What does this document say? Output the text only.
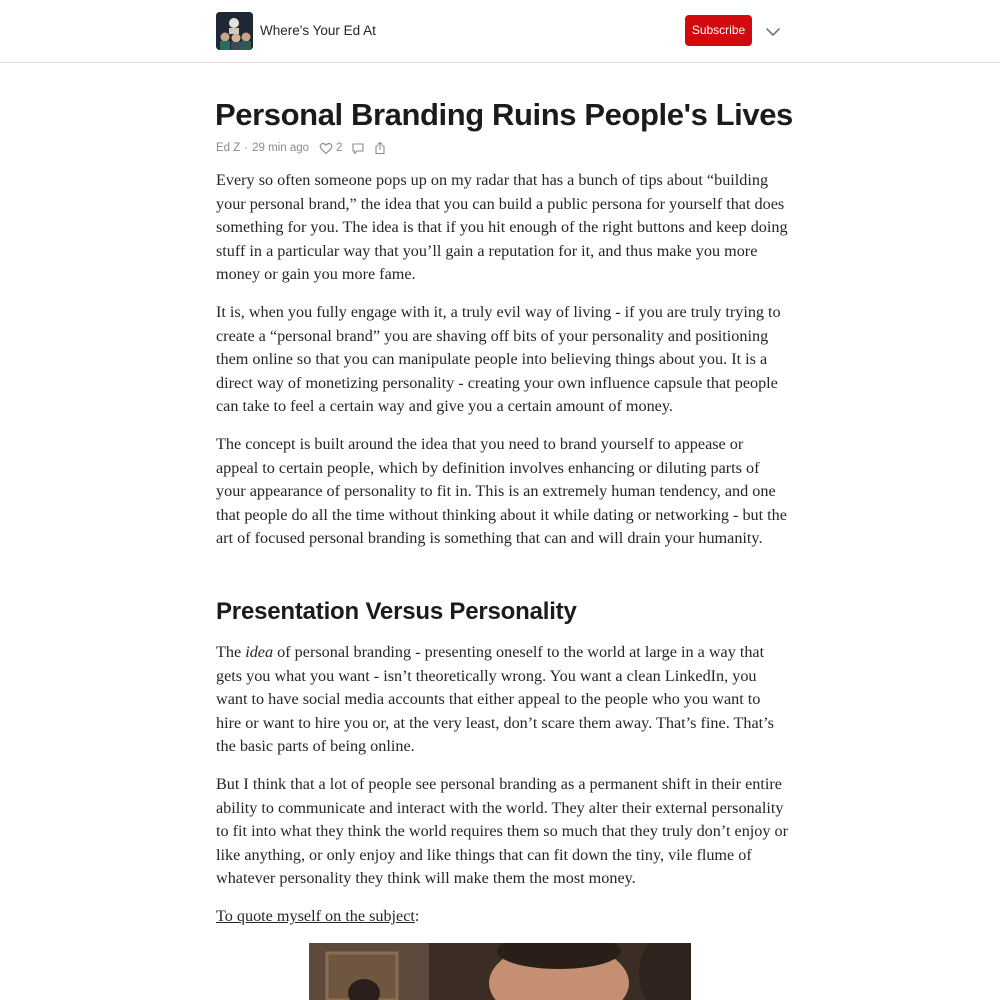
Where's Your Ed At	Subscribe
Personal Branding Ruins People's Lives
Ed Z · 29 min ago 2

Every so often someone pops up on my radar that has a bunch of tips about “building your personal brand,” the idea that you can build a public persona for yourself that does something for you. The idea is that if you hit enough of the right buttons and keep doing stuff in a particular way that you’ll gain a reputation for it, and thus make you more money or gain you more fame.

It is, when you fully engage with it, a truly evil way of living - if you are truly trying to create a “personal brand” you are shaving off bits of your personality and positioning them online so that you can manipulate people into believing things about you. It is a direct way of monetizing personality - creating your own influence capsule that people can take to feel a certain way and give you a certain amount of money.

The concept is built around the idea that you need to brand yourself to appease or appeal to certain people, which by definition involves enhancing or diluting parts of your appearance of personality to fit in. This is an extremely human tendency, and one that people do all the time without thinking about it while dating or networking - but the art of focused personal branding is something that can and will drain your humanity.

Presentation Versus Personality

The idea of personal branding - presenting oneself to the world at large in a way that gets you what you want - isn’t theoretically wrong. You want a clean LinkedIn, you want to have social media accounts that either appeal to the people who you want to hire or want to hire you or, at the very least, don’t scare them away. That’s fine. That’s the basic parts of being online.

But I think that a lot of people see personal branding as a permanent shift in their entire ability to communicate and interact with the world. They alter their external personality to fit into what they think the world requires them so much that they truly don’t enjoy or like anything, or only enjoy and like things that can fit down the tiny, vile flume of whatever personality they think will make them the most money.

To quote myself on the subject:
